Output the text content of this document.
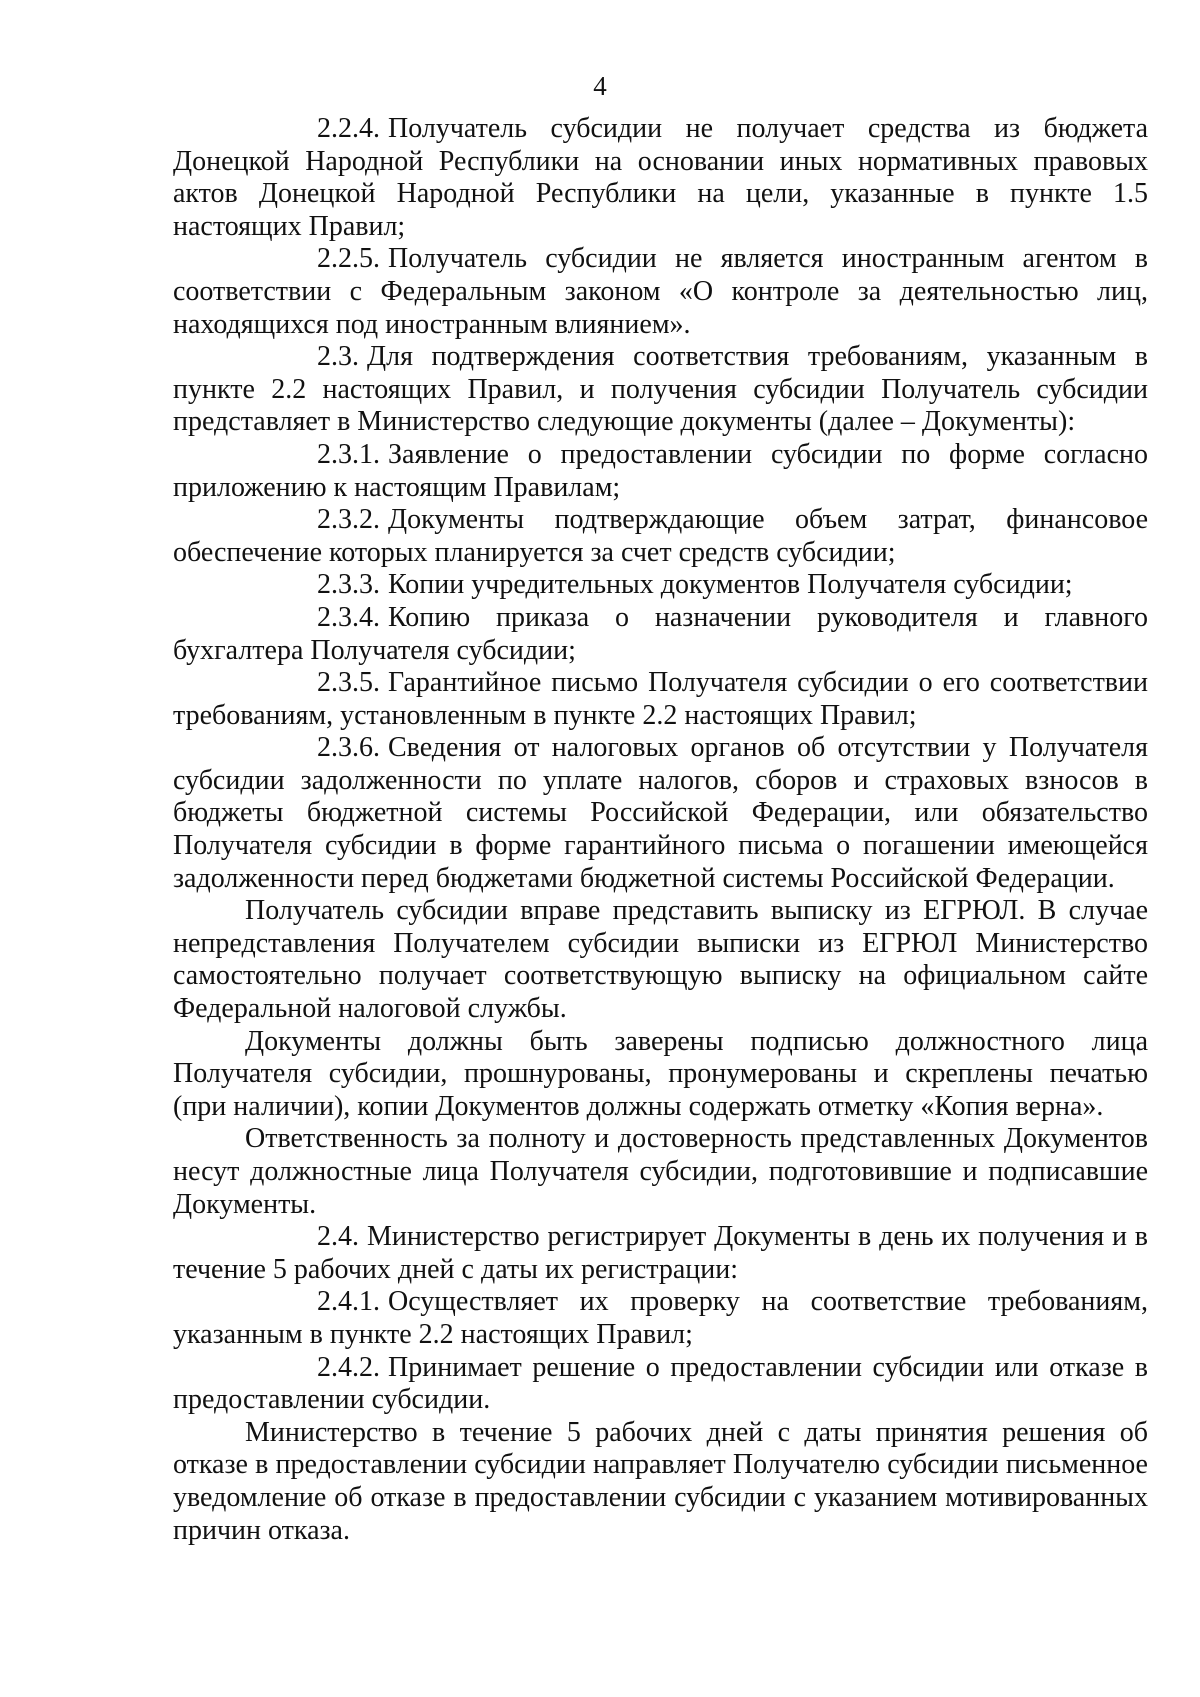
4

2.2.4. Получатель субсидии не получает средства из бюджета Донецкой Народной Республики на основании иных нормативных правовых актов Донецкой Народной Республики на цели, указанные в пункте 1.5 настоящих Правил;

2.2.5. Получатель субсидии не является иностранным агентом в соответствии с Федеральным законом «О контроле за деятельностью лиц, находящихся под иностранным влиянием».

2.3. Для подтверждения соответствия требованиям, указанным в пункте 2.2 настоящих Правил, и получения субсидии Получатель субсидии представляет в Министерство следующие документы (далее – Документы):

2.3.1. Заявление о предоставлении субсидии по форме согласно приложению к настоящим Правилам;

2.3.2. Документы подтверждающие объем затрат, финансовое обеспечение которых планируется за счет средств субсидии;

2.3.3. Копии учредительных документов Получателя субсидии;

2.3.4. Копию приказа о назначении руководителя и главного бухгалтера Получателя субсидии;

2.3.5. Гарантийное письмо Получателя субсидии о его соответствии требованиям, установленным в пункте 2.2 настоящих Правил;

2.3.6. Сведения от налоговых органов об отсутствии у Получателя субсидии задолженности по уплате налогов, сборов и страховых взносов в бюджеты бюджетной системы Российской Федерации, или обязательство Получателя субсидии в форме гарантийного письма о погашении имеющейся задолженности перед бюджетами бюджетной системы Российской Федерации.

Получатель субсидии вправе представить выписку из ЕГРЮЛ. В случае непредставления Получателем субсидии выписки из ЕГРЮЛ Министерство самостоятельно получает соответствующую выписку на официальном сайте Федеральной налоговой службы.

Документы должны быть заверены подписью должностного лица Получателя субсидии, прошнурованы, пронумерованы и скреплены печатью (при наличии), копии Документов должны содержать отметку «Копия верна».

Ответственность за полноту и достоверность представленных Документов несут должностные лица Получателя субсидии, подготовившие и подписавшие Документы.

2.4. Министерство регистрирует Документы в день их получения и в течение 5 рабочих дней с даты их регистрации:

2.4.1. Осуществляет их проверку на соответствие требованиям, указанным в пункте 2.2 настоящих Правил;

2.4.2. Принимает решение о предоставлении субсидии или отказе в предоставлении субсидии.

Министерство в течение 5 рабочих дней с даты принятия решения об отказе в предоставлении субсидии направляет Получателю субсидии письменное уведомление об отказе в предоставлении субсидии с указанием мотивированных причин отказа.
